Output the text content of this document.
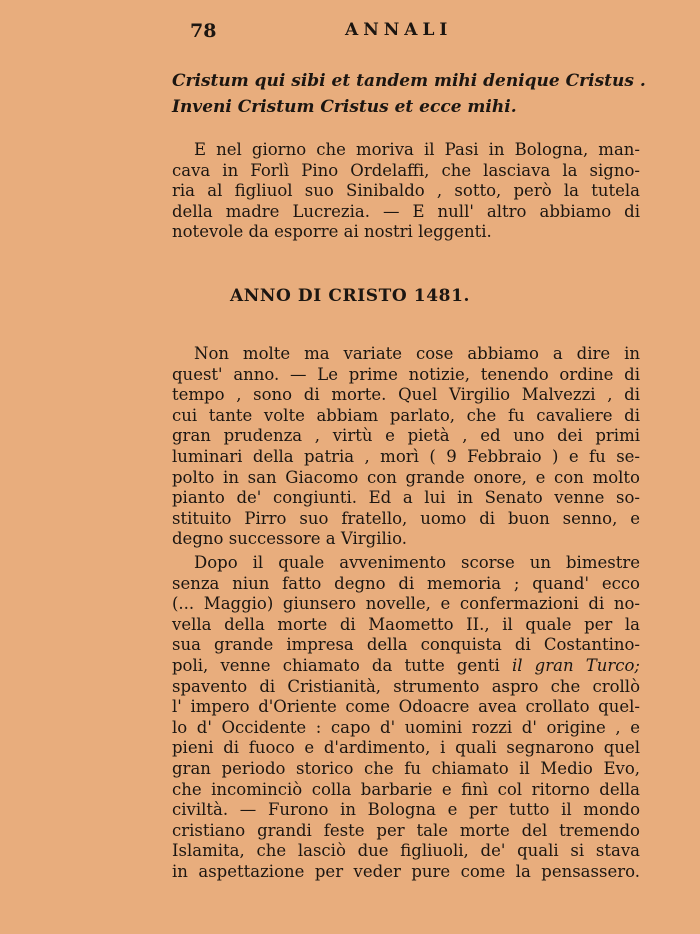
78	ANNALI
Cristum qui sibi et tandem mihi denique Cristus .
Inveni Cristum Cristus et ecce mihi.
E nel giorno che moriva il Pasi in Bologna, man-
cava in Forlì Pino Ordelaffi, che lasciava la signo-
ria al figliuol suo Sinibaldo , sotto, però la tutela
della madre Lucrezia. — E null' altro abbiamo di
notevole da esporre ai nostri leggenti.
ANNO DI CRISTO 1481.
Non molte ma variate cose abbiamo a dire in
quest' anno. — Le prime notizie, tenendo ordine di
tempo , sono di morte. Quel Virgilio Malvezzi , di
cui tante volte abbiam parlato, che fu cavaliere di
gran prudenza , virtù e pietà , ed uno dei primi
luminari della patria , morì ( 9 Febbraio ) e fu se-
polto in san Giacomo con grande onore, e con molto
pianto de' congiunti. Ed a lui in Senato venne so-
stituito Pirro suo fratello, uomo di buon senno, e
degno successore a Virgilio.
Dopo il quale avvenimento scorse un bimestre
senza niun fatto degno di memoria ; quand' ecco
(... Maggio) giunsero novelle, e confermazioni di no-
vella della morte di Maometto II., il quale per la
sua grande impresa della conquista di Costantino-
poli, venne chiamato da tutte genti il gran Turco;
spavento di Cristianità, strumento aspro che crollò
l' impero d'Oriente come Odoacre avea crollato quel-
lo d' Occidente : capo d' uomini rozzi d' origine , e
pieni di fuoco e d'ardimento, i quali segnarono quel
gran periodo storico che fu chiamato il Medio Evo,
che incominciò colla barbarie e finì col ritorno della
civiltà. — Furono in Bologna e per tutto il mondo
cristiano grandi feste per tale morte del tremendo
Islamita, che lasciò due figliuoli, de' quali si stava
in aspettazione per veder pure come la pensassero.
